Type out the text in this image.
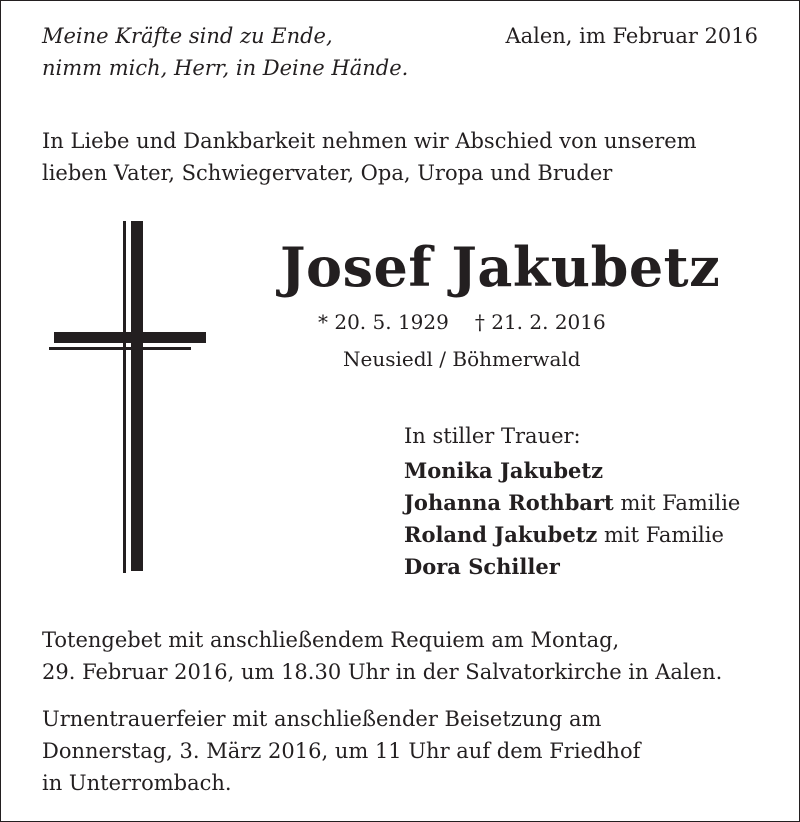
Meine Kräfte sind zu Ende,
nimm mich, Herr, in Deine Hände.
Aalen, im Februar 2016
In Liebe und Dankbarkeit nehmen wir Abschied von unserem
lieben Vater, Schwiegervater, Opa, Uropa und Bruder
Josef Jakubetz
* 20. 5. 1929 † 21. 2. 2016
Neusiedl / Böhmerwald
In stiller Trauer:
Monika Jakubetz
Johanna Rothbart mit Familie
Roland Jakubetz mit Familie
Dora Schiller
Totengebet mit anschließendem Requiem am Montag,
29. Februar 2016, um 18.30 Uhr in der Salvatorkirche in Aalen.
Urnentrauerfeier mit anschließender Beisetzung am
Donnerstag, 3. März 2016, um 11 Uhr auf dem Friedhof
in Unterrombach.
